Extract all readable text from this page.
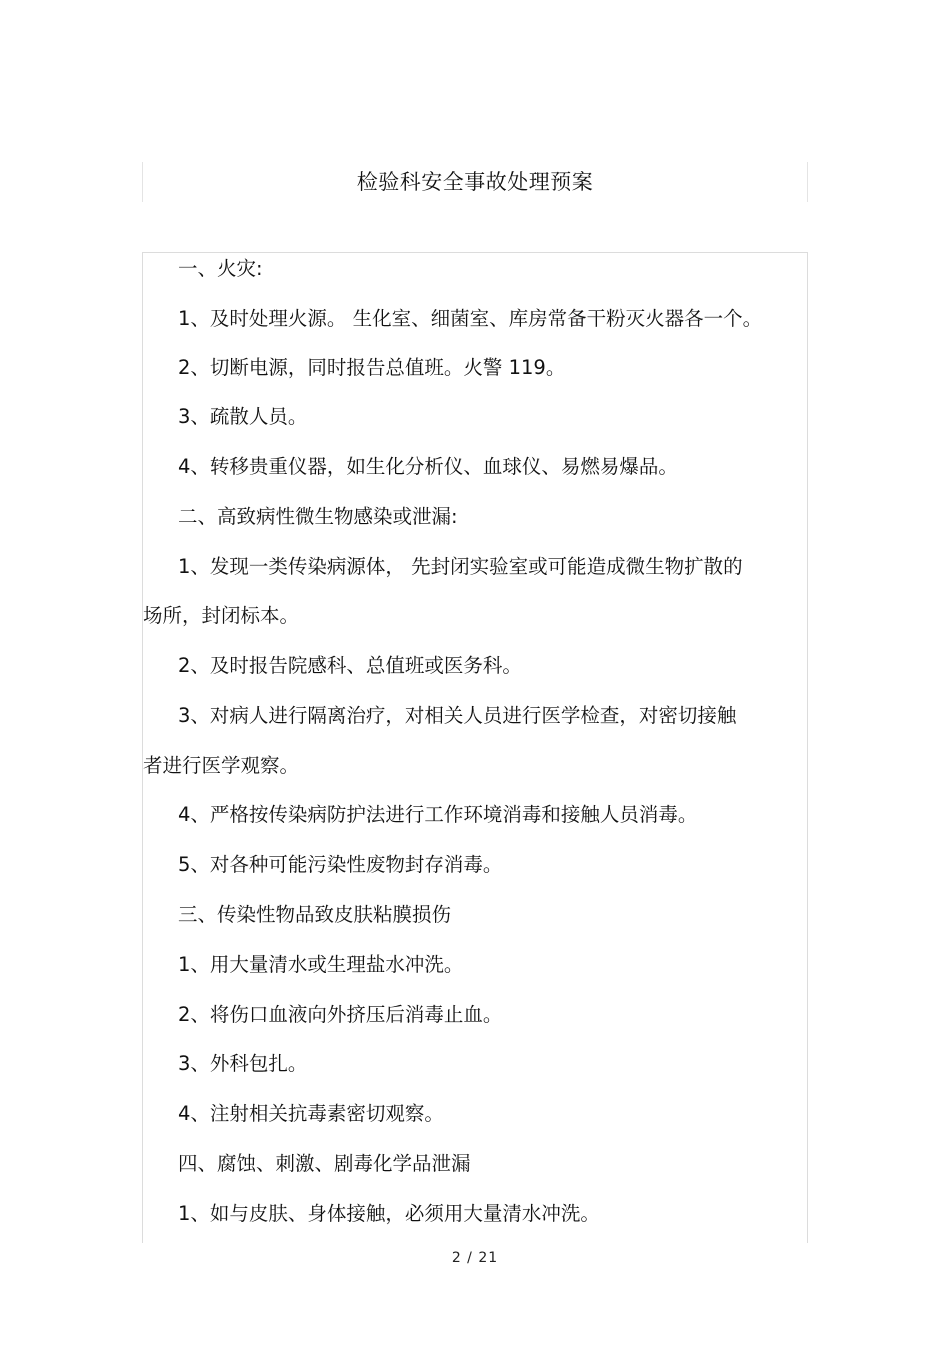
检验科安全事故处理预案
一、火灾:
1、及时处理火源。 生化室、细菌室、库房常备干粉灭火器各一个。
2、切断电源，同时报告总值班。火警 119。
3、疏散人员。
4、转移贵重仪器，如生化分析仪、血球仪、易燃易爆品。
二、高致病性微生物感染或泄漏:
1、发现一类传染病源体， 先封闭实验室或可能造成微生物扩散的
场所，封闭标本。
2、及时报告院感科、总值班或医务科。
3、对病人进行隔离治疗，对相关人员进行医学检查，对密切接触
者进行医学观察。
4、严格按传染病防护法进行工作环境消毒和接触人员消毒。
5、对各种可能污染性废物封存消毒。
三、传染性物品致皮肤粘膜损伤
1、用大量清水或生理盐水冲洗。
2、将伤口血液向外挤压后消毒止血。
3、外科包扎。
4、注射相关抗毒素密切观察。
四、腐蚀、刺激、剧毒化学品泄漏
1、如与皮肤、身体接触，必须用大量清水冲洗。
2 / 21
